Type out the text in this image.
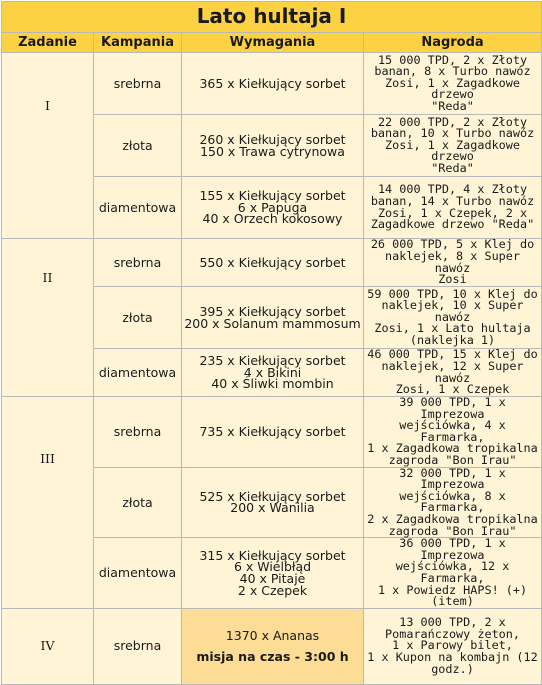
Lato hultaja I			
Zadanie	Kampania	Wymagania	Nagroda
I	srebrna	365 x Kiełkujący sorbet	15 000 TPD, 2 x Złoty
banan, 8 x Turbo nawóz
Zosi, 1 x Zagadkowe drzewo
"Reda"

	złota	260 x Kiełkujący sorbet
150 x Trawa cytrynowa	22 000 TPD, 2 x Złoty
banan, 10 x Turbo nawóz
Zosi, 1 x Zagadkowe drzewo
"Reda"

	diamentowa	155 x Kiełkujący sorbet
6 x Papuga
40 x Orzech kokosowy	14 000 TPD, 4 x Złoty
banan, 14 x Turbo nawóz
Zosi, 1 x Czepek, 2 x
Zagadkowe drzewo "Reda"

II	srebrna	550 x Kiełkujący sorbet	26 000 TPD, 5 x Klej do
naklejek, 8 x Super nawóz
Zosi

	złota	395 x Kiełkujący sorbet
200 x Solanum mammosum	59 000 TPD, 10 x Klej do
naklejek, 10 x Super nawóz
Zosi, 1 x Lato hultaja
(naklejka 1)

	diamentowa	235 x Kiełkujący sorbet
4 x Bikini
40 x Śliwki mombin	46 000 TPD, 15 x Klej do
naklejek, 12 x Super nawóz
Zosi, 1 x Czepek

III	srebrna	735 x Kiełkujący sorbet	39 000 TPD, 1 x Imprezowa
wejściówka, 4 x Farmarka,
1 x Zagadkowa tropikalna
zagroda "Bon Irau"

	złota	525 x Kiełkujący sorbet
200 x Wanilia	32 000 TPD, 1 x Imprezowa
wejściówka, 8 x Farmarka,
2 x Zagadkowa tropikalna
zagroda "Bon Irau"

	diamentowa	315 x Kiełkujący sorbet
6 x Wielbłąd
40 x Pitaje
2 x Czepek	36 000 TPD, 1 x Imprezowa
wejściówka, 12 x Farmarka,
1 x Powiedz HAPS! (+)
(item)

IV	srebrna	1370 x Ananas
misja na czas - 3:00 h	13 000 TPD, 2 x
Pomarańczowy żeton,
1 x Parowy bilet,
1 x Kupon na kombajn (12
godz.)
